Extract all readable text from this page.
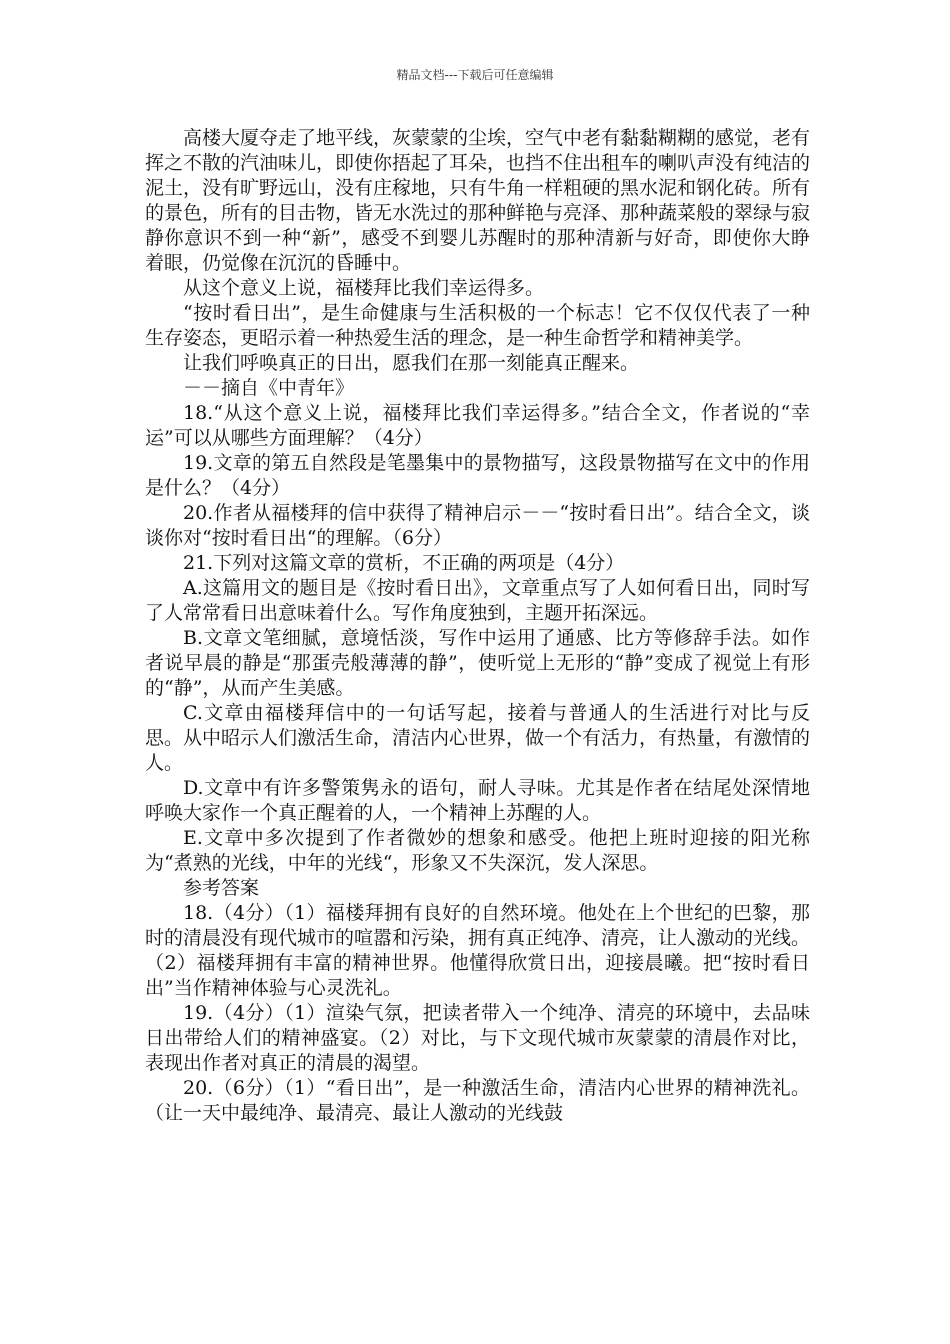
精品文档---下载后可任意编辑

高楼大厦夺走了地平线，灰蒙蒙的尘埃，空气中老有黏黏糊糊的感觉，老有挥之不散的汽油味儿，即使你捂起了耳朵，也挡不住出租车的喇叭声没有纯洁的泥土，没有旷野远山，没有庄稼地，只有牛角一样粗硬的黑水泥和钢化砖。所有的景色，所有的目击物，皆无水洗过的那种鲜艳与亮泽、那种蔬菜般的翠绿与寂静你意识不到一种“新”，感受不到婴儿苏醒时的那种清新与好奇，即使你大睁着眼，仍觉像在沉沉的昏睡中。

从这个意义上说，福楼拜比我们幸运得多。

“按时看日出”，是生命健康与生活积极的一个标志！它不仅仅代表了一种生存姿态，更昭示着一种热爱生活的理念，是一种生命哲学和精神美学。

让我们呼唤真正的日出，愿我们在那一刻能真正醒来。

－－摘自《中青年》

18.“从这个意义上说，福楼拜比我们幸运得多。”结合全文，作者说的“幸运”可以从哪些方面理解？（4分）

19.文章的第五自然段是笔墨集中的景物描写，这段景物描写在文中的作用是什么？（4分）

20.作者从福楼拜的信中获得了精神启示－－“按时看日出”。结合全文，谈谈你对“按时看日出“的理解。（6分）

21.下列对这篇文章的赏析，不正确的两项是（4分）

A.这篇用文的题目是《按时看日出》，文章重点写了人如何看日出，同时写了人常常看日出意味着什么。写作角度独到，主题开拓深远。

B.文章文笔细腻，意境恬淡，写作中运用了通感、比方等修辞手法。如作者说早晨的静是“那蛋壳般薄薄的静”，使听觉上无形的“静”变成了视觉上有形的“静”，从而产生美感。

C.文章由福楼拜信中的一句话写起，接着与普通人的生活进行对比与反思。从中昭示人们激活生命，清洁内心世界，做一个有活力，有热量，有激情的人。

D.文章中有许多警策隽永的语句，耐人寻味。尤其是作者在结尾处深情地呼唤大家作一个真正醒着的人，一个精神上苏醒的人。

E.文章中多次提到了作者微妙的想象和感受。他把上班时迎接的阳光称为“煮熟的光线，中年的光线“，形象又不失深沉，发人深思。

参考答案

18.（4分）（1）福楼拜拥有良好的自然环境。他处在上个世纪的巴黎，那时的清晨没有现代城市的喧嚣和污染，拥有真正纯净、清亮，让人激动的光线。（2）福楼拜拥有丰富的精神世界。他懂得欣赏日出，迎接晨曦。把“按时看日出”当作精神体验与心灵洗礼。

19.（4分）（1）渲染气氛，把读者带入一个纯净、清亮的环境中，去品味日出带给人们的精神盛宴。（2）对比，与下文现代城市灰蒙蒙的清晨作对比，表现出作者对真正的清晨的渴望。

20.（6分）（1）“看日出”，是一种激活生命，清洁内心世界的精神洗礼。（让一天中最纯净、最清亮、最让人激动的光线鼓
